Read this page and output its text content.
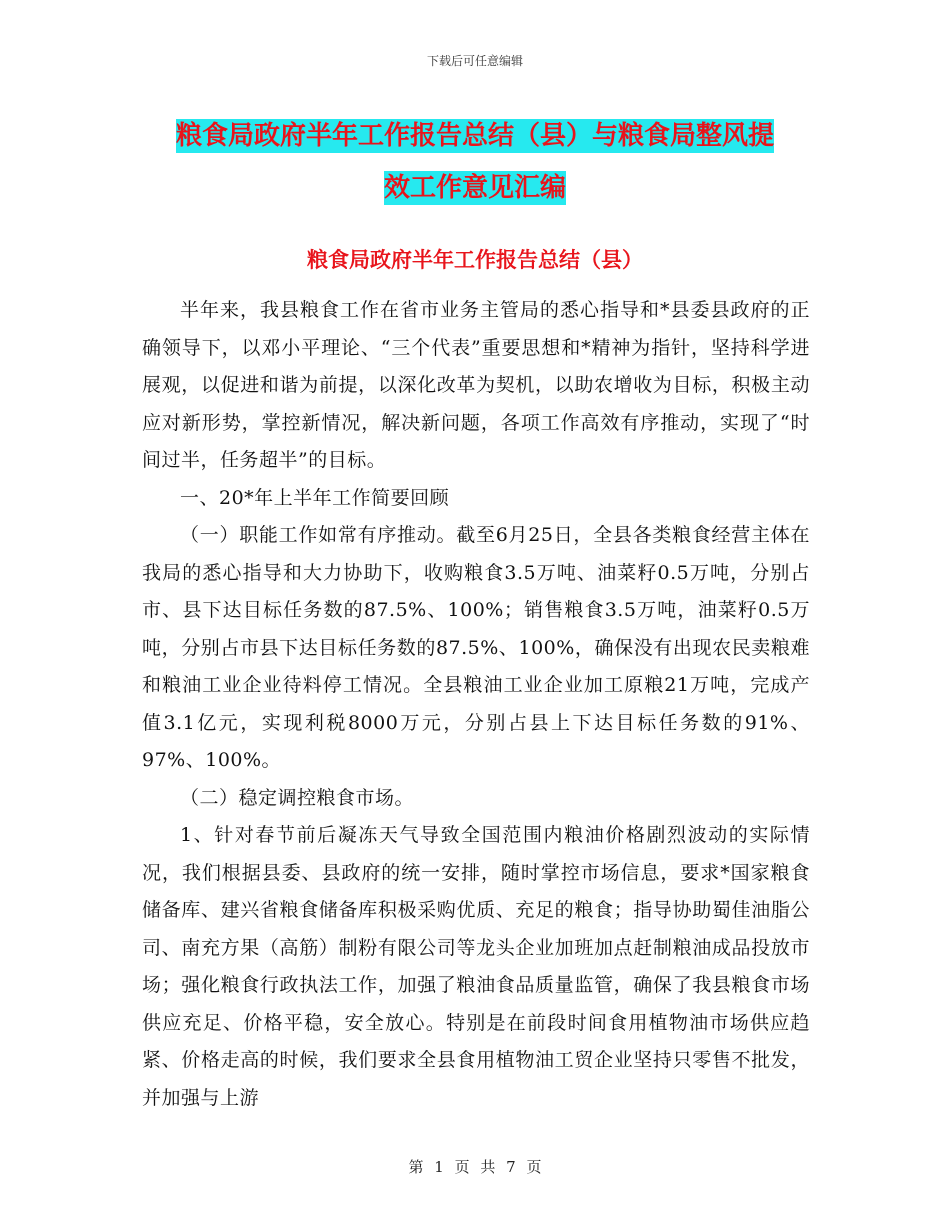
下载后可任意编辑
粮食局政府半年工作报告总结（县）与粮食局整风提
效工作意见汇编
粮食局政府半年工作报告总结（县）

半年来，我县粮食工作在省市业务主管局的悉心指导和*县委县政府的正确领导下，以邓小平理论、“三个代表”重要思想和*精神为指针，坚持科学进展观，以促进和谐为前提，以深化改革为契机，以助农增收为目标，积极主动应对新形势，掌控新情况，解决新问题，各项工作高效有序推动，实现了“时间过半，任务超半”的目标。

一、20*年上半年工作简要回顾

（一）职能工作如常有序推动。截至6月25日，全县各类粮食经营主体在我局的悉心指导和大力协助下，收购粮食3.5万吨、油菜籽0.5万吨，分别占市、县下达目标任务数的87.5%、100%；销售粮食3.5万吨，油菜籽0.5万吨，分别占市县下达目标任务数的87.5%、100%，确保没有出现农民卖粮难和粮油工业企业待料停工情况。全县粮油工业企业加工原粮21万吨，完成产值3.1亿元，实现利税8000万元，分别占县上下达目标任务数的91%、97%、100%。

（二）稳定调控粮食市场。

1、针对春节前后凝冻天气导致全国范围内粮油价格剧烈波动的实际情况，我们根据县委、县政府的统一安排，随时掌控市场信息，要求*国家粮食储备库、建兴省粮食储备库积极采购优质、充足的粮食；指导协助蜀佳油脂公司、南充方果（高筋）制粉有限公司等龙头企业加班加点赶制粮油成品投放市场；强化粮食行政执法工作，加强了粮油食品质量监管，确保了我县粮食市场供应充足、价格平稳，安全放心。特别是在前段时间食用植物油市场供应趋紧、价格走高的时候，我们要求全县食用植物油工贸企业坚持只零售不批发，并加强与上游

第 1 页 共 7 页
